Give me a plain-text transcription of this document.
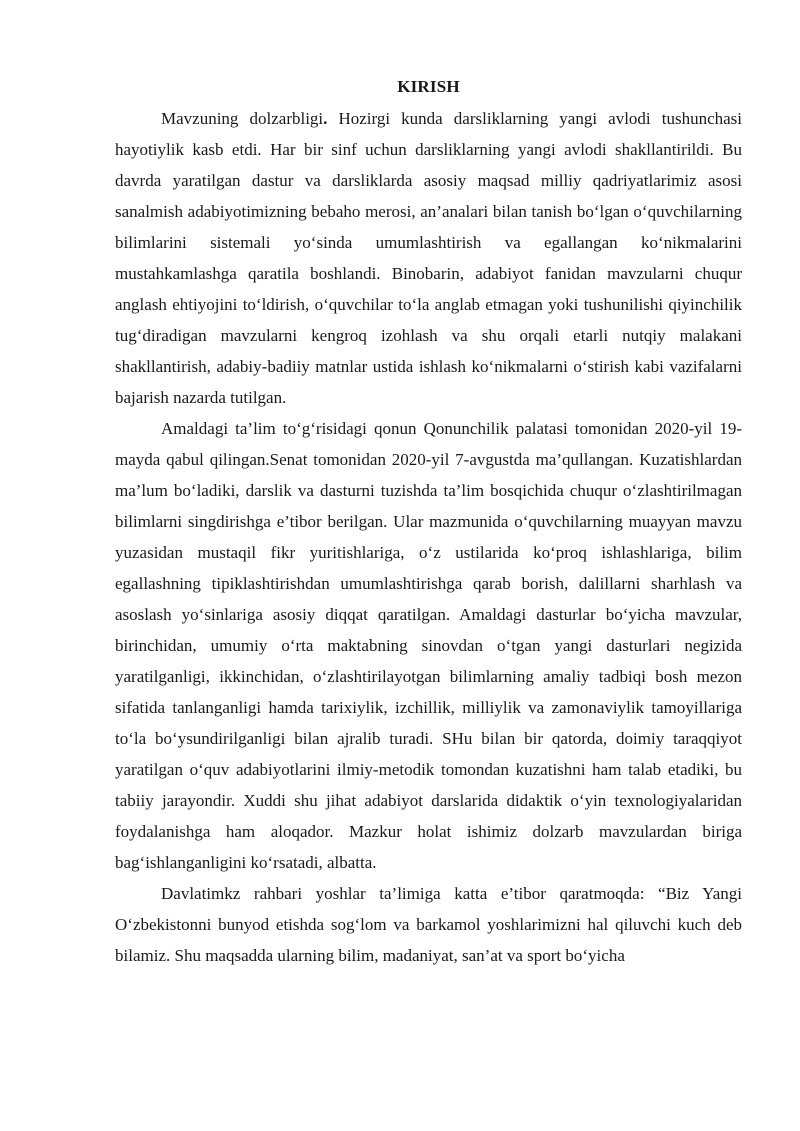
KIRISH

Mavzuning dolzarbligi. Hozirgi kunda darsliklarning yangi avlodi tushunchasi hayotiylik kasb etdi. Har bir sinf uchun darsliklarning yangi avlodi shakllantirildi. Bu davrda yaratilgan dastur va darsliklarda asosiy maqsad milliy qadriyatlarimiz asosi sanalmish adabiyotimizning bebaho merosi, an’analari bilan tanish bo‘lgan o‘quvchilarning bilimlarini sistemali yo‘sinda umumlashtirish va egallangan ko‘nikmalarini mustahkamlashga qaratila boshlandi. Binobarin, adabiyot fanidan mavzularni chuqur anglash ehtiyojini to‘ldirish, o‘quvchilar to‘la anglab etmagan yoki tushunilishi qiyinchilik tug‘diradigan mavzularni kengroq izohlash va shu orqali etarli nutqiy malakani shakllantirish, adabiy-badiiy matnlar ustida ishlash ko‘nikmalarni o‘stirish kabi vazifalarni bajarish nazarda tutilgan.

Amaldagi ta’lim to‘g‘risidagi qonun Qonunchilik palatasi tomonidan 2020-yil 19-mayda qabul qilingan.Senat tomonidan 2020-yil 7-avgustda ma’qullangan. Kuzatishlardan ma’lum bo‘ladiki, darslik va dasturni tuzishda ta’lim bosqichida chuqur o‘zlashtirilmagan bilimlarni singdirishga e’tibor berilgan. Ular mazmunida o‘quvchilarning muayyan mavzu yuzasidan mustaqil fikr yuritishlariga, o‘z ustilarida ko‘proq ishlashlariga, bilim egallashning tipiklashtirishdan umumlashtirishga qarab borish, dalillarni sharhlash va asoslash yo‘sinlariga asosiy diqqat qaratilgan. Amaldagi dasturlar bo‘yicha mavzular, birinchidan, umumiy o‘rta maktabning sinovdan o‘tgan yangi dasturlari negizida yaratilganligi, ikkinchidan, o‘zlashtirilayotgan bilimlarning amaliy tadbiqi bosh mezon sifatida tanlanganligi hamda tarixiylik, izchillik, milliylik va zamonaviylik tamoyillariga to‘la bo‘ysundirilganligi bilan ajralib turadi. SHu bilan bir qatorda, doimiy taraqqiyot yaratilgan o‘quv adabiyotlarini ilmiy-metodik tomondan kuzatishni ham talab etadiki, bu tabiiy jarayondir. Xuddi shu jihat adabiyot darslarida didaktik o‘yin texnologiyalaridan foydalanishga ham aloqador. Mazkur holat ishimiz dolzarb mavzulardan biriga bag‘ishlanganligini ko‘rsatadi, albatta.

Davlatimkz rahbari yoshlar ta’limiga katta e’tibor qaratmoqda: “Biz Yangi O‘zbekistonni bunyod etishda sog‘lom va barkamol yoshlarimizni hal qiluvchi kuch deb bilamiz. Shu maqsadda ularning bilim, madaniyat, san’at va sport bo‘yicha
